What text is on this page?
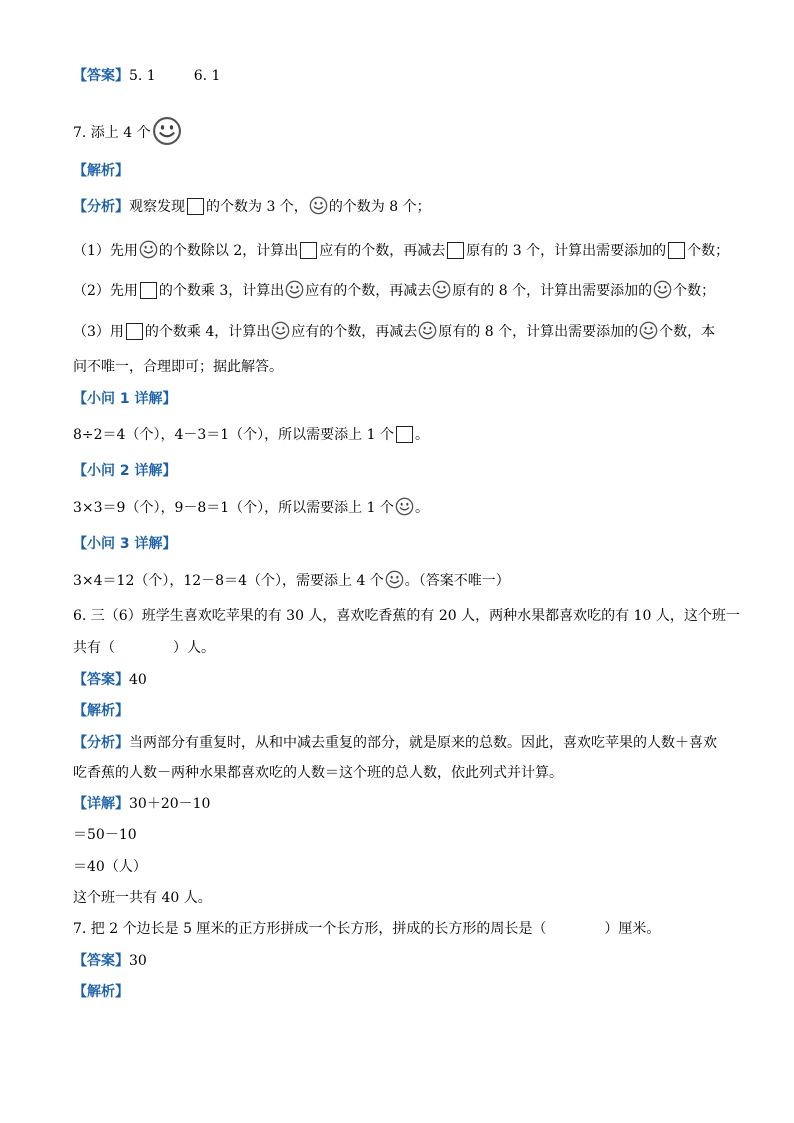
【答案】5. 1	6. 1
7. 添上 4 个
【解析】
【分析】观察发现 的个数为 3 个， 的个数为 8 个；
（1）先用 的个数除以 2，计算出 应有的个数，再减去 原有的 3 个，计算出需要添加的 个数；
（2）先用 的个数乘 3，计算出 应有的个数，再减去 原有的 8 个，计算出需要添加的 个数；
（3）用 的个数乘 4，计算出 应有的个数，再减去 原有的 8 个，计算出需要添加的 个数，本
问不唯一，合理即可；据此解答。
【小问 1 详解】
8÷2＝4（个），4－3＝1（个），所以需要添上 1 个 。
【小问 2 详解】
3×3＝9（个），9－8＝1（个），所以需要添上 1 个 。
【小问 3 详解】
3×4＝12（个），12－8＝4（个），需要添上 4 个 。（答案不唯一）
6. 三（6）班学生喜欢吃苹果的有 30 人，喜欢吃香蕉的有 20 人，两种水果都喜欢吃的有 10 人，这个班一
共有（	）人。
【答案】40
【解析】
【分析】当两部分有重复时，从和中减去重复的部分，就是原来的总数。因此，喜欢吃苹果的人数＋喜欢
吃香蕉的人数－两种水果都喜欢吃的人数＝这个班的总人数，依此列式并计算。
【详解】30＋20－10
＝50－10
＝40（人）
这个班一共有 40 人。
7. 把 2 个边长是 5 厘米的正方形拼成一个长方形，拼成的长方形的周长是（	）厘米。
【答案】30
【解析】
